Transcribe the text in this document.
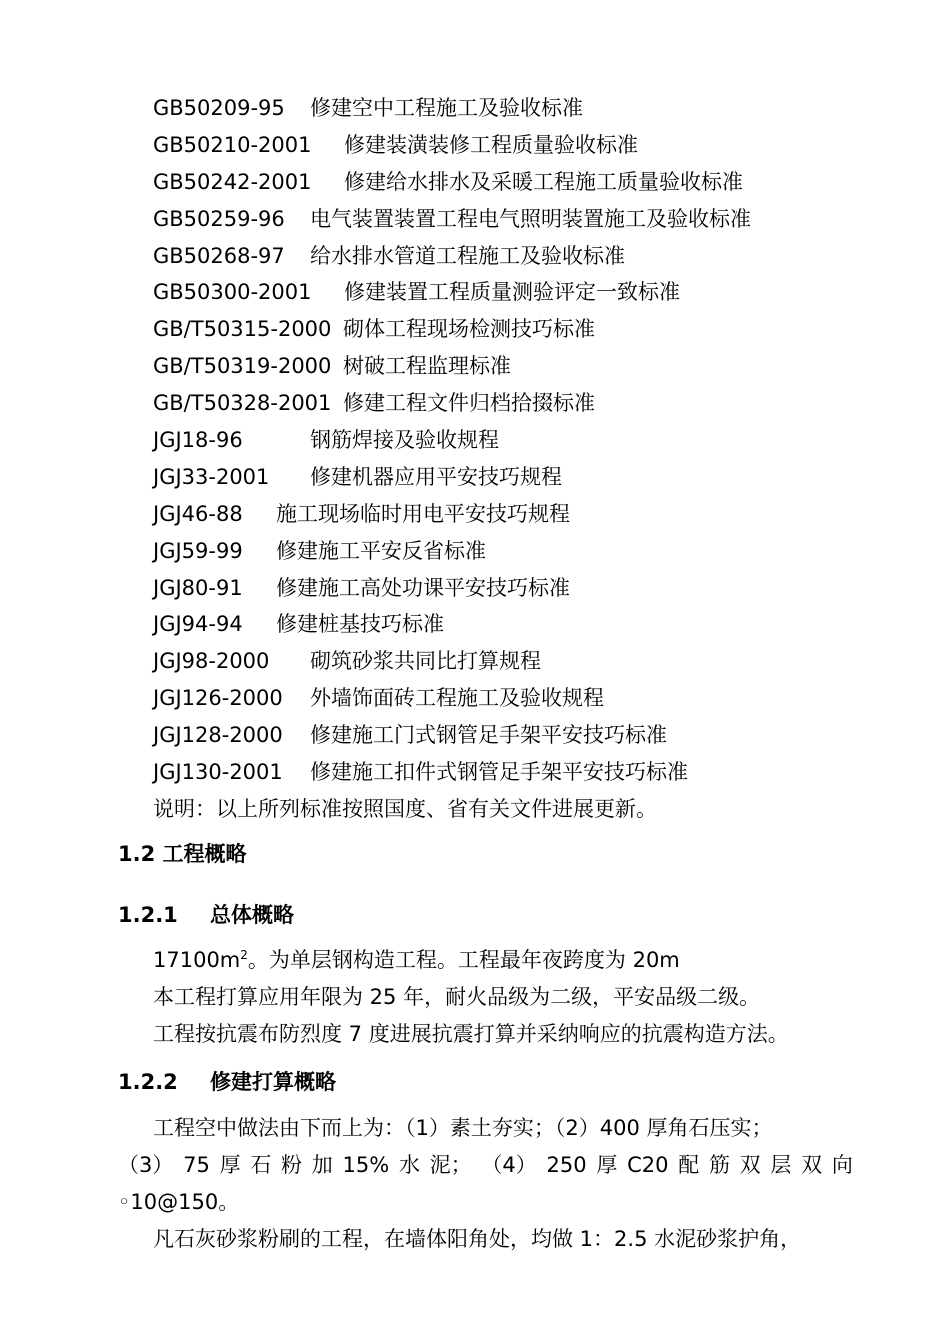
GB50209-95	修建空中工程施工及验收标准
GB50210-2001	修建装潢装修工程质量验收标准
GB50242-2001	修建给水排水及采暖工程施工质量验收标准
GB50259-96	电气装置装置工程电气照明装置施工及验收标准
GB50268-97	给水排水管道工程施工及验收标准
GB50300-2001	修建装置工程质量测验评定一致标准
GB/T50315-2000 砌体工程现场检测技巧标准
GB/T50319-2000 树破工程监理标准
GB/T50328-2001 修建工程文件归档拾掇标准
JGJ18-96	钢筋焊接及验收规程
JGJ33-2001	修建机器应用平安技巧规程
JGJ46-88	施工现场临时用电平安技巧规程
JGJ59-99	修建施工平安反省标准
JGJ80-91	修建施工高处功课平安技巧标准
JGJ94-94	修建桩基技巧标准
JGJ98-2000	砌筑砂浆共同比打算规程
JGJ126-2000	外墙饰面砖工程施工及验收规程
JGJ128-2000	修建施工门式钢管足手架平安技巧标准
JGJ130-2001	修建施工扣件式钢管足手架平安技巧标准
说明：以上所列标准按照国度、省有关文件进展更新。
1.2 工程概略
1.2.1 总体概略
$17100m^2$。为单层钢构造工程。工程最年夜跨度为 20m
本工程打算应用年限为 25 年，耐火品级为二级，平安品级二级。
工程按抗震布防烈度 7 度进展抗震打算并采纳响应的抗震构造方法。
1.2.2 修建打算概略
工程空中做法由下而上为：（1）素土夯实；（2）400 厚角石压实；
（3） 75 厚 石 粉 加 15% 水 泥； （4） 250 厚 C20 配 筋 双 层 双 向
◦10@150。
凡石灰砂浆粉刷的工程，在墙体阳角处，均做 1：2.5 水泥砂浆护角，
